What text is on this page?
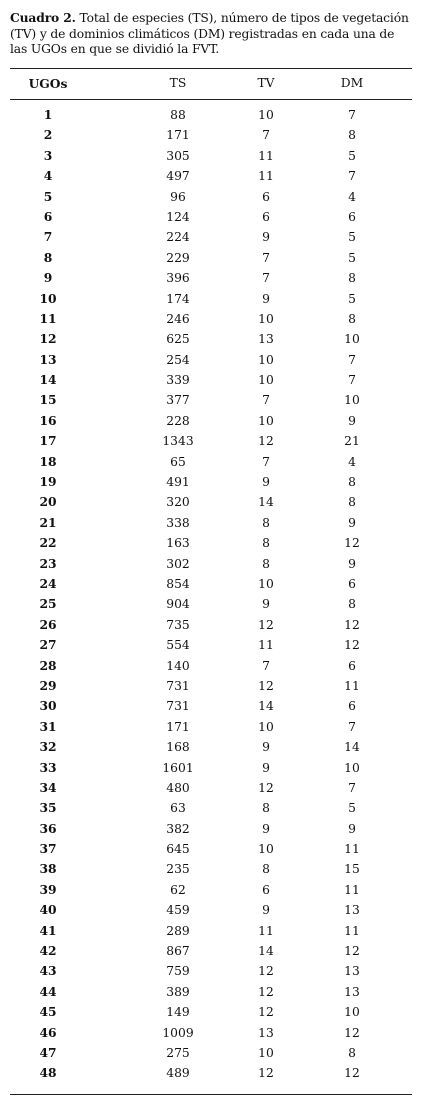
Cuadro 2. Total de especies (TS), número de tipos de vegetación (TV) y de dominios climáticos (DM) registradas en cada una de las UGOs en que se dividió la FVT.
UGOs	TS	TV	DM
1	88	10	7
2	171	7	8
3	305	11	5
4	497	11	7
5	96	6	4
6	124	6	6
7	224	9	5
8	229	7	5
9	396	7	8
10	174	9	5
11	246	10	8
12	625	13	10
13	254	10	7
14	339	10	7
15	377	7	10
16	228	10	9
17	1343	12	21
18	65	7	4
19	491	9	8
20	320	14	8
21	338	8	9
22	163	8	12
23	302	8	9
24	854	10	6
25	904	9	8
26	735	12	12
27	554	11	12
28	140	7	6
29	731	12	11
30	731	14	6
31	171	10	7
32	168	9	14
33	1601	9	10
34	480	12	7
35	63	8	5
36	382	9	9
37	645	10	11
38	235	8	15
39	62	6	11
40	459	9	13
41	289	11	11
42	867	14	12
43	759	12	13
44	389	12	13
45	149	12	10
46	1009	13	12
47	275	10	8
48	489	12	12
